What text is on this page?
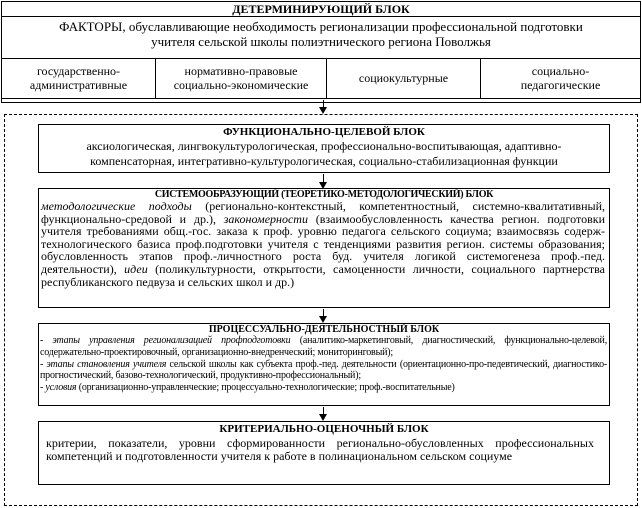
ДЕТЕРМИНИРУЮЩИЙ БЛОК
ФАКТОРЫ, обуславливающие необходимость регионализации профессиональной подготовки
учителя сельской школы полиэтнического региона Поволжья
государственно-
административные
нормативно-правовые
социально-экономические	социокультурные	социально-
педагогические
ФУНКЦИОНАЛЬНО-ЦЕЛЕВОЙ БЛОК
аксиологическая, лингвокультурологическая, профессионально-воспитывающая, адаптивно-
компенсаторная, интегративно-культурологическая, социально-стабилизационная функции
СИСТЕМООБРАЗУЮЩИЙ (ТЕОРЕТИКО-МЕТОДОЛОГИЧЕСКИЙ) БЛОК
методологические подходы (регионально-контекстный, компетентностный, системно-квалитативный, функционально-средовой и др.), закономерности (взаимообусловленность качества регион. подготовки учителя требованиями общ.-гос. заказа к проф. уровню педагога сельского социума; взаимосвязь содерж-технологического базиса проф.подготовки учителя с тенденциями развития регион. системы образования; обусловленность этапов проф.-личностного роста буд. учителя логикой системогенеза проф.-пед. деятельности), идеи (поликультурности, открытости, самоценности личности, социального партнерства республиканского педвуза и сельских школ и др.)
ПРОЦЕССУАЛЬНО-ДЕЯТЕЛЬНОСТНЫЙ БЛОК
- этапы управления регионализацией профподготовки (аналитико-маркетинговый, диагностический, функционально-целевой, содержательно-проектировочный, организационно-внедренческий; мониторинговый);
- этапы становления учителя сельской школы как субъекта проф.-пед. деятельности (ориентационно-про-педевтический, диагностико-прогностический, базово-технологический, продуктивно-профессиональный);
- условия (организационно-управленческие; процессуально-технологические; проф.-воспитательные)
КРИТЕРИАЛЬНО-ОЦЕНОЧНЫЙ БЛОК
критерии, показатели, уровни сформированности регионально-обусловленных профессиональных компетенций и подготовленности учителя к работе в полинациональном сельском социуме
